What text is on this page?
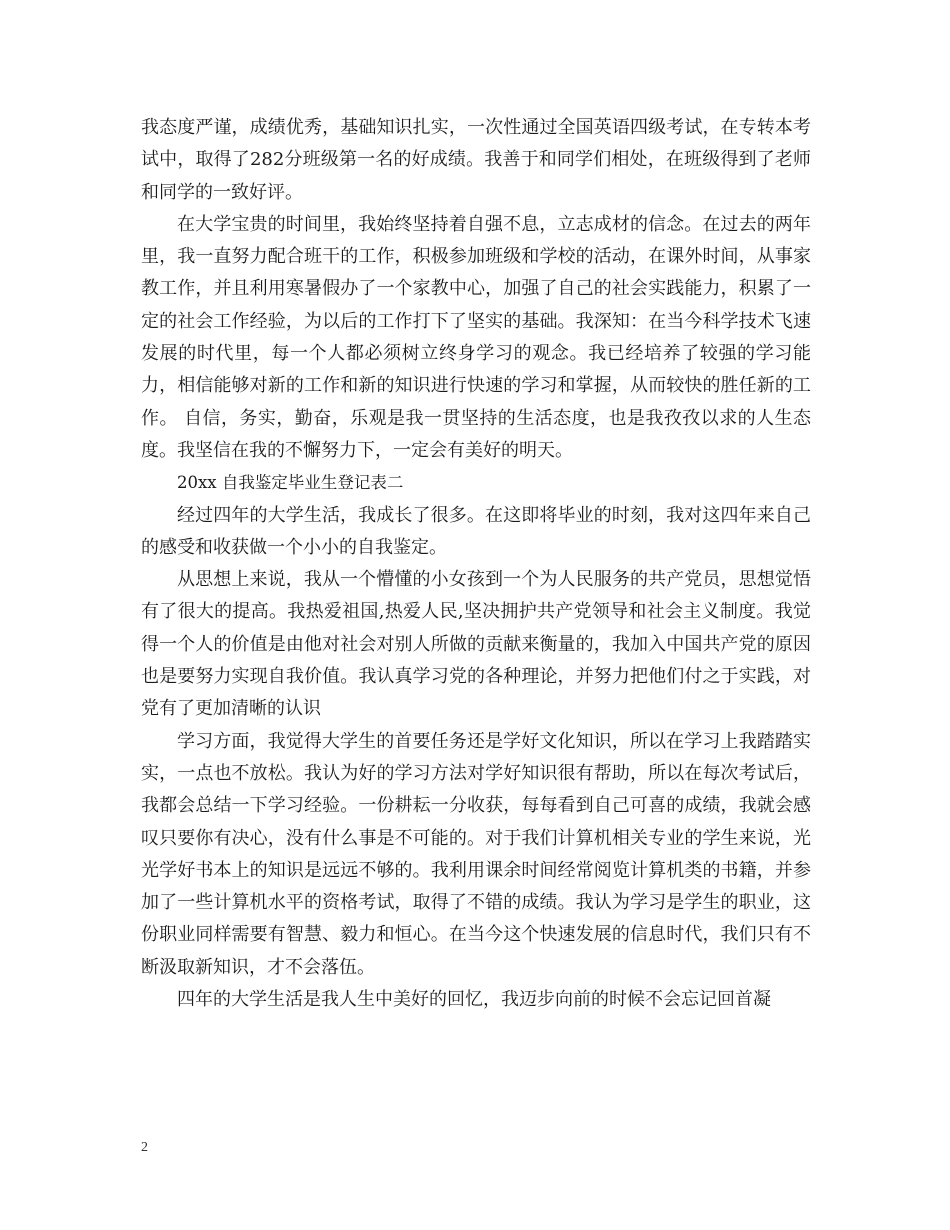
我态度严谨，成绩优秀，基础知识扎实，一次性通过全国英语四级考试，在专转本考试中，取得了282分班级第一名的好成绩。我善于和同学们相处，在班级得到了老师和同学的一致好评。

在大学宝贵的时间里，我始终坚持着自强不息，立志成材的信念。在过去的两年里，我一直努力配合班干的工作，积极参加班级和学校的活动，在课外时间，从事家教工作，并且利用寒暑假办了一个家教中心，加强了自己的社会实践能力，积累了一定的社会工作经验，为以后的工作打下了坚实的基础。我深知：在当今科学技术飞速发展的时代里，每一个人都必须树立终身学习的观念。我已经培养了较强的学习能力，相信能够对新的工作和新的知识进行快速的学习和掌握，从而较快的胜任新的工作。 自信，务实，勤奋，乐观是我一贯坚持的生活态度，也是我孜孜以求的人生态度。我坚信在我的不懈努力下，一定会有美好的明天。

20xx 自我鉴定毕业生登记表二

经过四年的大学生活，我成长了很多。在这即将毕业的时刻，我对这四年来自己的感受和收获做一个小小的自我鉴定。

从思想上来说，我从一个懵懂的小女孩到一个为人民服务的共产党员，思想觉悟有了很大的提高。我热爱祖国,热爱人民,坚决拥护共产党领导和社会主义制度。我觉得一个人的价值是由他对社会对别人所做的贡献来衡量的，我加入中国共产党的原因也是要努力实现自我价值。我认真学习党的各种理论，并努力把他们付之于实践，对党有了更加清晰的认识

学习方面，我觉得大学生的首要任务还是学好文化知识，所以在学习上我踏踏实实，一点也不放松。我认为好的学习方法对学好知识很有帮助，所以在每次考试后，我都会总结一下学习经验。一份耕耘一分收获，每每看到自己可喜的成绩，我就会感叹只要你有决心，没有什么事是不可能的。对于我们计算机相关专业的学生来说，光光学好书本上的知识是远远不够的。我利用课余时间经常阅览计算机类的书籍，并参加了一些计算机水平的资格考试，取得了不错的成绩。我认为学习是学生的职业，这份职业同样需要有智慧、毅力和恒心。在当今这个快速发展的信息时代，我们只有不断汲取新知识，才不会落伍。

四年的大学生活是我人生中美好的回忆，我迈步向前的时候不会忘记回首凝

2
